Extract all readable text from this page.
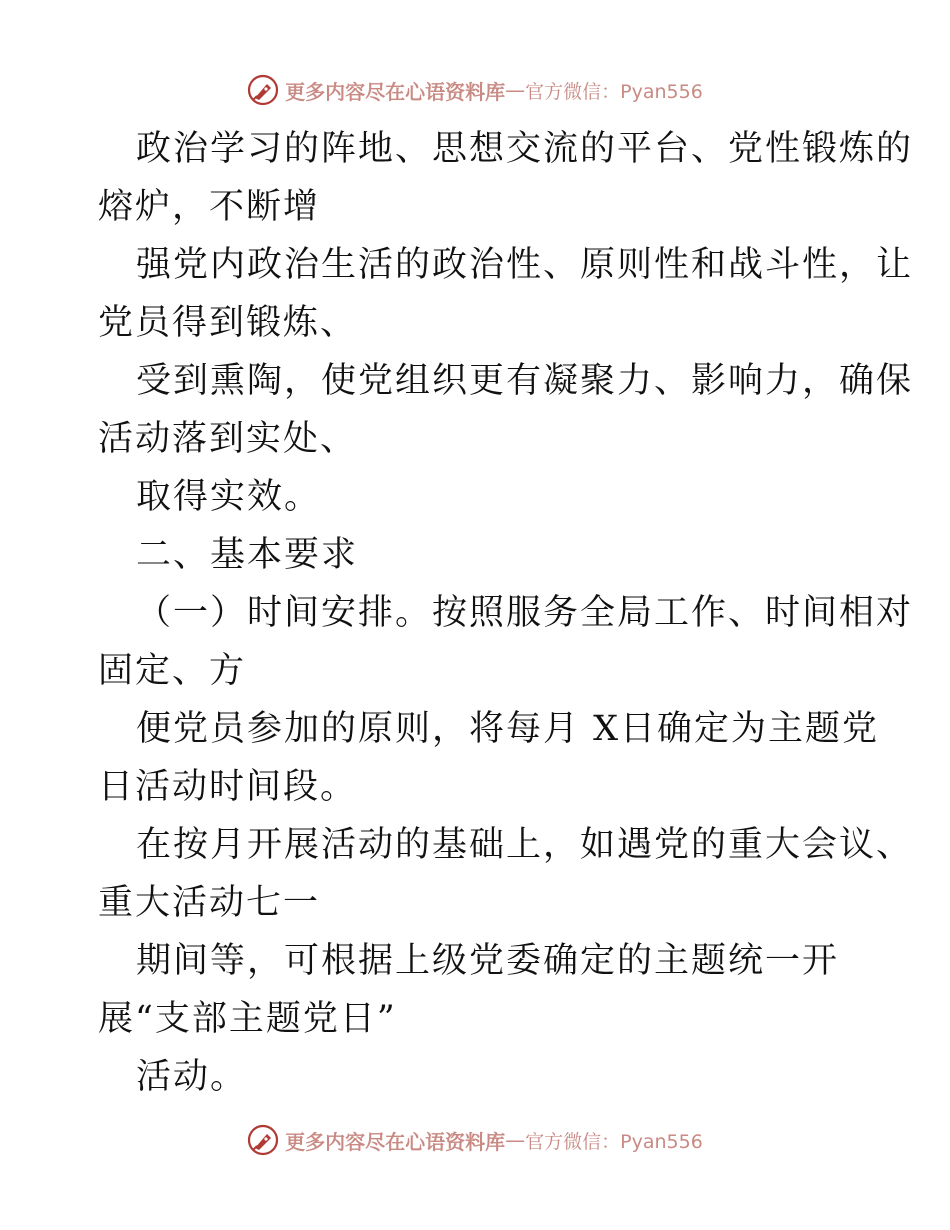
更多内容尽在心语资料库 — 官方微信：Pyan556
政治学习的阵地、思想交流的平台、党性锻炼的
熔炉，不断增
强党内政治生活的政治性、原则性和战斗性，让
党员得到锻炼、
受到熏陶，使党组织更有凝聚力、影响力，确保
活动落到实处、
取得实效。
二、基本要求
（一）时间安排。按照服务全局工作、时间相对
固定、方
便党员参加的原则，将每月 X日确定为主题党
日活动时间段。
在按月开展活动的基础上，如遇党的重大会议、
重大活动七一
期间等，可根据上级党委确定的主题统一开
展“支部主题党日”
活动。
更多内容尽在心语资料库 — 官方微信：Pyan556
